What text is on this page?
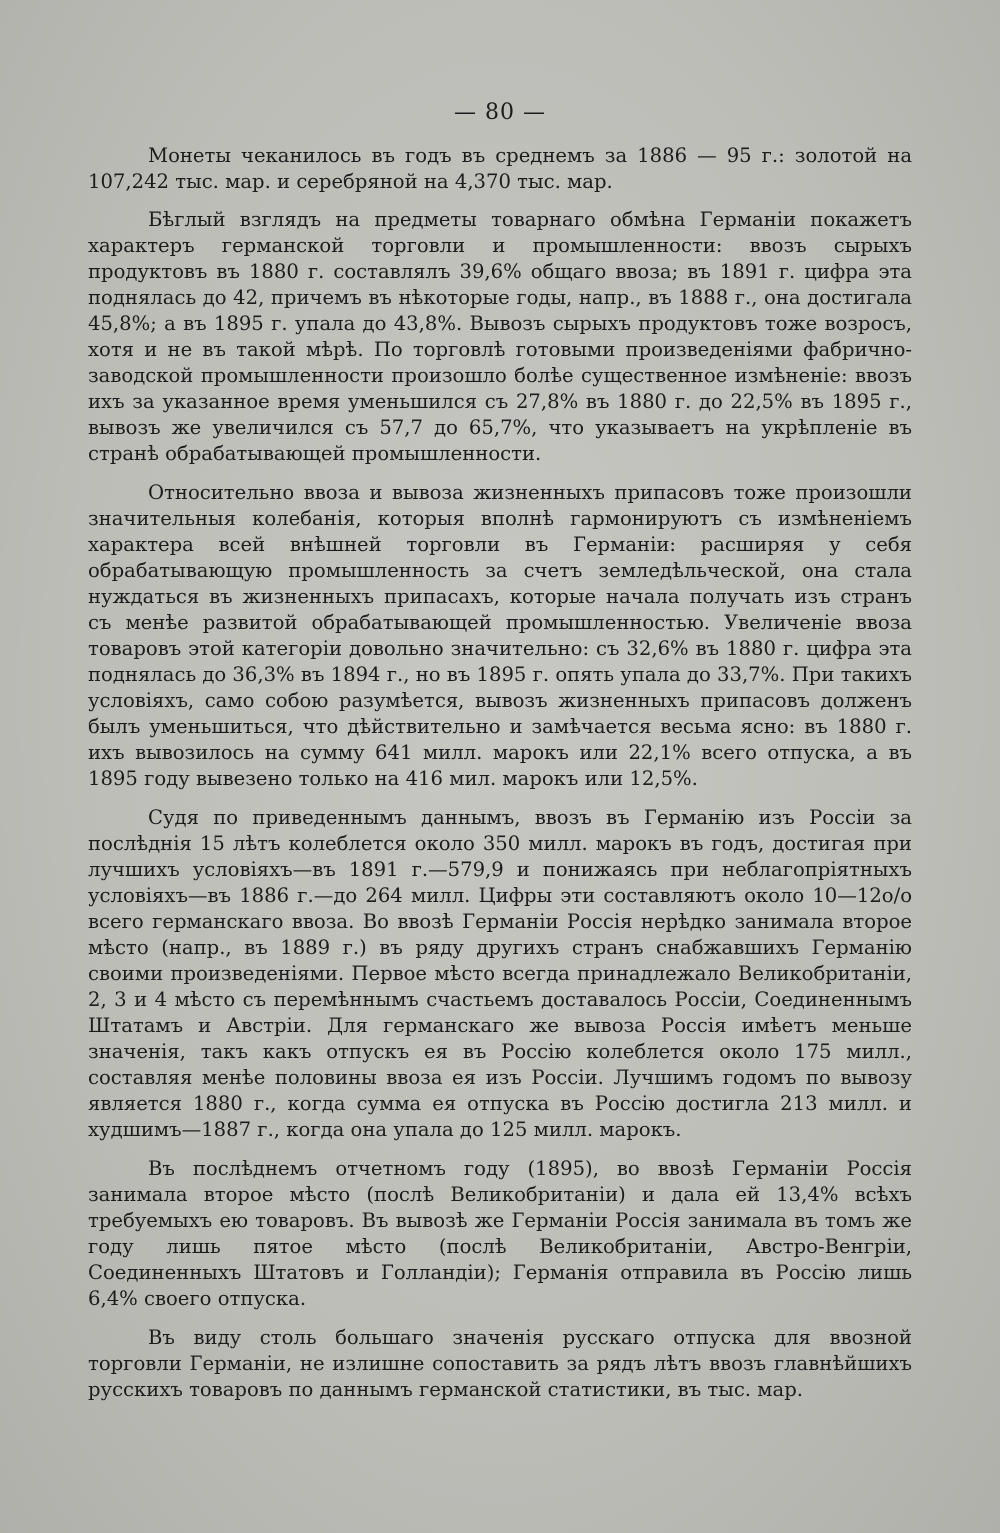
— 80 —

Монеты чеканилось въ годъ въ среднемъ за 1886 — 95 г.: золотой на 107,242 тыс. мар. и серебряной на 4,370 тыс. мар.

Бѣглый взглядъ на предметы товарнаго обмѣна Германіи покажетъ характеръ германской торговли и промышленности: ввозъ сырыхъ продуктовъ въ 1880 г. составлялъ 39,6% общаго ввоза; въ 1891 г. цифра эта поднялась до 42, причемъ въ нѣкоторые годы, напр., въ 1888 г., она достигала 45,8%; а въ 1895 г. упала до 43,8%. Вывозъ сырыхъ продуктовъ тоже возросъ, хотя и не въ такой мѣрѣ. По торговлѣ готовыми произведеніями фабрично-заводской промышленности произошло болѣе существенное измѣненіе: ввозъ ихъ за указанное время уменьшился съ 27,8% въ 1880 г. до 22,5% въ 1895 г., вывозъ же увеличился съ 57,7 до 65,7%, что указываетъ на укрѣпленіе въ странѣ обрабатывающей промышленности.

Относительно ввоза и вывоза жизненныхъ припасовъ тоже произошли значительныя колебанія, которыя вполнѣ гармонируютъ съ измѣненіемъ характера всей внѣшней торговли въ Германіи: расширяя у себя обрабатывающую промышленность за счетъ земледѣльческой, она стала нуждаться въ жизненныхъ припасахъ, которые начала получать изъ странъ съ менѣе развитой обрабатывающей промышленностью. Увеличеніе ввоза товаровъ этой категоріи довольно значительно: съ 32,6% въ 1880 г. цифра эта поднялась до 36,3% въ 1894 г., но въ 1895 г. опять упала до 33,7%. При такихъ условіяхъ, само собою разумѣется, вывозъ жизненныхъ припасовъ долженъ былъ уменьшиться, что дѣйствительно и замѣчается весьма ясно: въ 1880 г. ихъ вывозилось на сумму 641 милл. марокъ или 22,1% всего отпуска, а въ 1895 году вывезено только на 416 мил. марокъ или 12,5%.

Судя по приведеннымъ даннымъ, ввозъ въ Германію изъ Россіи за послѣднія 15 лѣтъ колеблется около 350 милл. марокъ въ годъ, достигая при лучшихъ условіяхъ—въ 1891 г.—579,9 и понижаясь при неблагопріятныхъ условіяхъ—въ 1886 г.—до 264 милл. Цифры эти составляютъ около 10—12о/о всего германскаго ввоза. Во ввозѣ Германіи Россія нерѣдко занимала второе мѣсто (напр., въ 1889 г.) въ ряду другихъ странъ снабжавшихъ Германію своими произведеніями. Первое мѣсто всегда принадлежало Великобританіи, 2, 3 и 4 мѣсто съ перемѣннымъ счастьемъ доставалось Россіи, Соединеннымъ Штатамъ и Австріи. Для германскаго же вывоза Россія имѣетъ меньше значенія, такъ какъ отпускъ ея въ Россію колеблется около 175 милл., составляя менѣе половины ввоза ея изъ Россіи. Лучшимъ годомъ по вывозу является 1880 г., когда сумма ея отпуска въ Россію достигла 213 милл. и худшимъ—1887 г., когда она упала до 125 милл. марокъ.

Въ послѣднемъ отчетномъ году (1895), во ввозѣ Германіи Россія занимала второе мѣсто (послѣ Великобританіи) и дала ей 13,4% всѣхъ требуемыхъ ею товаровъ. Въ вывозѣ же Германіи Россія занимала въ томъ же году лишь пятое мѣсто (послѣ Великобританіи, Австро-Венгріи, Соединенныхъ Штатовъ и Голландіи); Германія отправила въ Россію лишь 6,4% своего отпуска.

Въ виду столь большаго значенія русскаго отпуска для ввозной торговли Германіи, не излишне сопоставить за рядъ лѣтъ ввозъ главнѣйшихъ русскихъ товаровъ по даннымъ германской статистики, въ тыс. мар.
